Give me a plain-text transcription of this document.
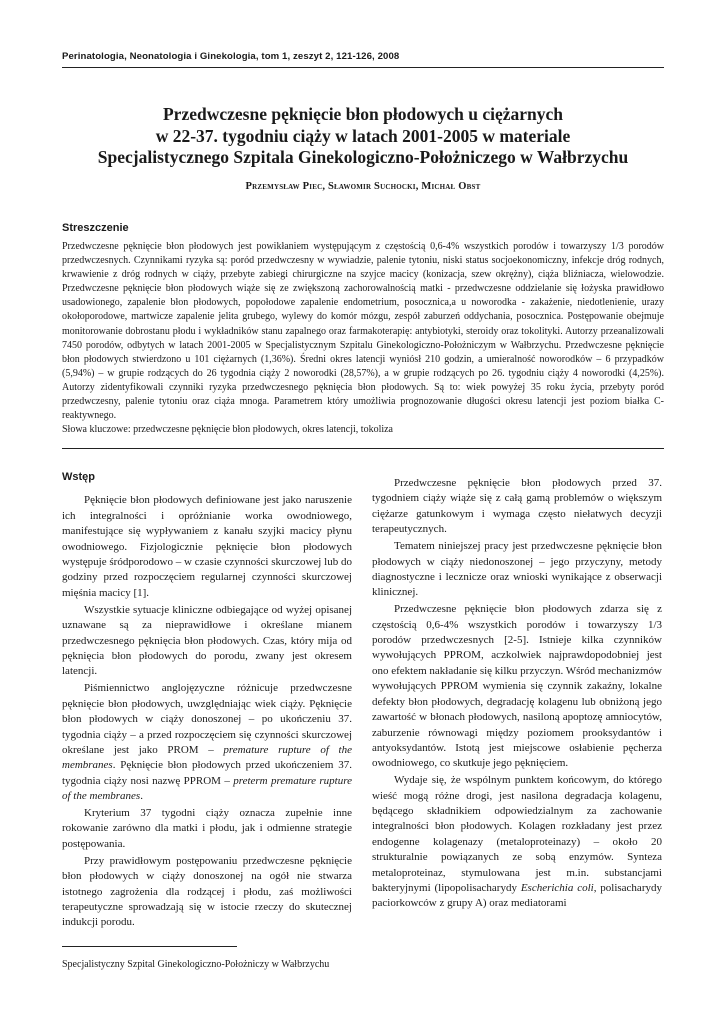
Perinatologia, Neonatologia i Ginekologia, tom 1, zeszyt 2, 121-126, 2008
Przedwczesne pęknięcie błon płodowych u ciężarnych
w 22-37. tygodniu ciąży w latach 2001-2005 w materiale
Specjalistycznego Szpitala Ginekologiczno-Położniczego w Wałbrzychu
Przemysław Piec, Sławomir Suchocki, Michał Obst
Streszczenie

Przedwczesne pęknięcie błon płodowych jest powikłaniem występującym z częstością 0,6-4% wszystkich porodów i towarzyszy 1/3 porodów przedwczesnych. Czynnikami ryzyka są: poród przedwczesny w wywiadzie, palenie tytoniu, niski status socjoekonomiczny, infekcje dróg rodnych, krwawienie z dróg rodnych w ciąży, przebyte zabiegi chirurgiczne na szyjce macicy (konizacja, szew okrężny), ciąża bliźniacza, wielowodzie. Przedwczesne pęknięcie błon płodowych wiąże się ze zwiększoną zachorowalnością matki - przedwczesne oddzielanie się łożyska prawidłowo usadowionego, zapalenie błon płodowych, popołodowe zapalenie endometrium, posocznica,a u noworodka - zakażenie, niedotlenienie, urazy okołoporodowe, martwicze zapalenie jelita grubego, wylewy do komór mózgu, zespół zaburzeń oddychania, posocznica. Postępowanie obejmuje monitorowanie dobrostanu płodu i wykładników stanu zapalnego oraz farmakoterapię: antybiotyki, steroidy oraz tokolityki. Autorzy przeanalizowali 7450 porodów, odbytych w latach 2001-2005 w Specjalistycznym Szpitalu Ginekologiczno-Położniczym w Wałbrzychu. Przedwczesne pęknięcie błon płodowych stwierdzono u 101 ciężarnych (1,36%). Średni okres latencji wyniósł 210 godzin, a umieralność noworodków – 6 przypadków (5,94%) – w grupie rodzących do 26 tygodnia ciąży 2 noworodki (28,57%), a w grupie rodzących po 26. tygodniu ciąży 4 noworodki (4,25%). Autorzy zidentyfikowali czynniki ryzyka przedwczesnego pęknięcia błon płodowych. Są to: wiek powyżej 35 roku życia, przebyty poród przedwczesny, palenie tytoniu oraz ciąża mnoga. Parametrem który umożliwia prognozowanie długości okresu latencji jest poziom białka C-reaktywnego.

Słowa kluczowe: przedwczesne pęknięcie błon płodowych, okres latencji, tokoliza

Wstęp

Pęknięcie błon płodowych definiowane jest jako naruszenie ich integralności i opróżnianie worka owodniowego, manifestujące się wypływaniem z kanału szyjki macicy płynu owodniowego. Fizjologicznie pęknięcie błon płodowych występuje śródporodowo – w czasie czynności skurczowej lub do godziny przed rozpoczęciem regularnej czynności skurczowej mięśnia macicy [1].

Wszystkie sytuacje kliniczne odbiegające od wyżej opisanej uznawane są za nieprawidłowe i określane mianem przedwczesnego pęknięcia błon płodowych. Czas, który mija od pęknięcia błon płodowych do porodu, zwany jest okresem latencji.

Piśmiennictwo anglojęzyczne różnicuje przedwczesne pęknięcie błon płodowych, uwzględniając wiek ciąży. Pęknięcie błon płodowych w ciąży donoszonej – po ukończeniu 37. tygodnia ciąży – a przed rozpoczęciem się czynności skurczowej określane jest jako PROM – premature rupture of the membranes. Pęknięcie błon płodowych przed ukończeniem 37. tygodnia ciąży nosi nazwę PPROM – preterm premature rupture of the membranes.

Kryterium 37 tygodni ciąży oznacza zupełnie inne rokowanie zarówno dla matki i płodu, jak i odmienne strategie postępowania.

Przy prawidłowym postępowaniu przedwczesne pęknięcie błon płodowych w ciąży donoszonej na ogół nie stwarza istotnego zagrożenia dla rodzącej i płodu, zaś możliwości terapeutyczne sprowadzają się w istocie rzeczy do skutecznej indukcji porodu.

Przedwczesne pęknięcie błon płodowych przed 37. tygodniem ciąży wiąże się z całą gamą problemów o większym ciężarze gatunkowym i wymaga często niełatwych decyzji terapeutycznych.

Tematem niniejszej pracy jest przedwczesne pęknięcie błon płodowych w ciąży niedonoszonej – jego przyczyny, metody diagnostyczne i lecznicze oraz wnioski wynikające z obserwacji klinicznej.

Przedwczesne pęknięcie błon płodowych zdarza się z częstością 0,6-4% wszystkich porodów i towarzyszy 1/3 porodów przedwczesnych [2-5]. Istnieje kilka czynników wywołujących PPROM, aczkolwiek najprawdopodobniej jest ono efektem nakładanie się kilku przyczyn. Wśród mechanizmów wywołujących PPROM wymienia się czynnik zakaźny, lokalne defekty błon płodowych, degradację kolagenu lub obniżoną jego zawartość w błonach płodowych, nasiloną apoptozę amniocytów, zaburzenie równowagi między poziomem prooksydantów i antyoksydantów. Istotą jest miejscowe osłabienie pęcherza owodniowego, co skutkuje jego pęknięciem.

Wydaje się, że wspólnym punktem końcowym, do którego wieść mogą różne drogi, jest nasilona degradacja kolagenu, będącego składnikiem odpowiedzialnym za zachowanie integralności błon płodowych. Kolagen rozkładany jest przez endogenne kolagenazy (metaloproteinazy) – około 20 strukturalnie powiązanych ze sobą enzymów. Synteza metaloproteinaz, stymulowana jest m.in. substancjami bakteryjnymi (lipopolisacharydy Escherichia coli, polisacharydy paciorkowców z grupy A) oraz mediatorami

Specjalistyczny Szpital Ginekologiczno-Położniczy w Wałbrzychu
